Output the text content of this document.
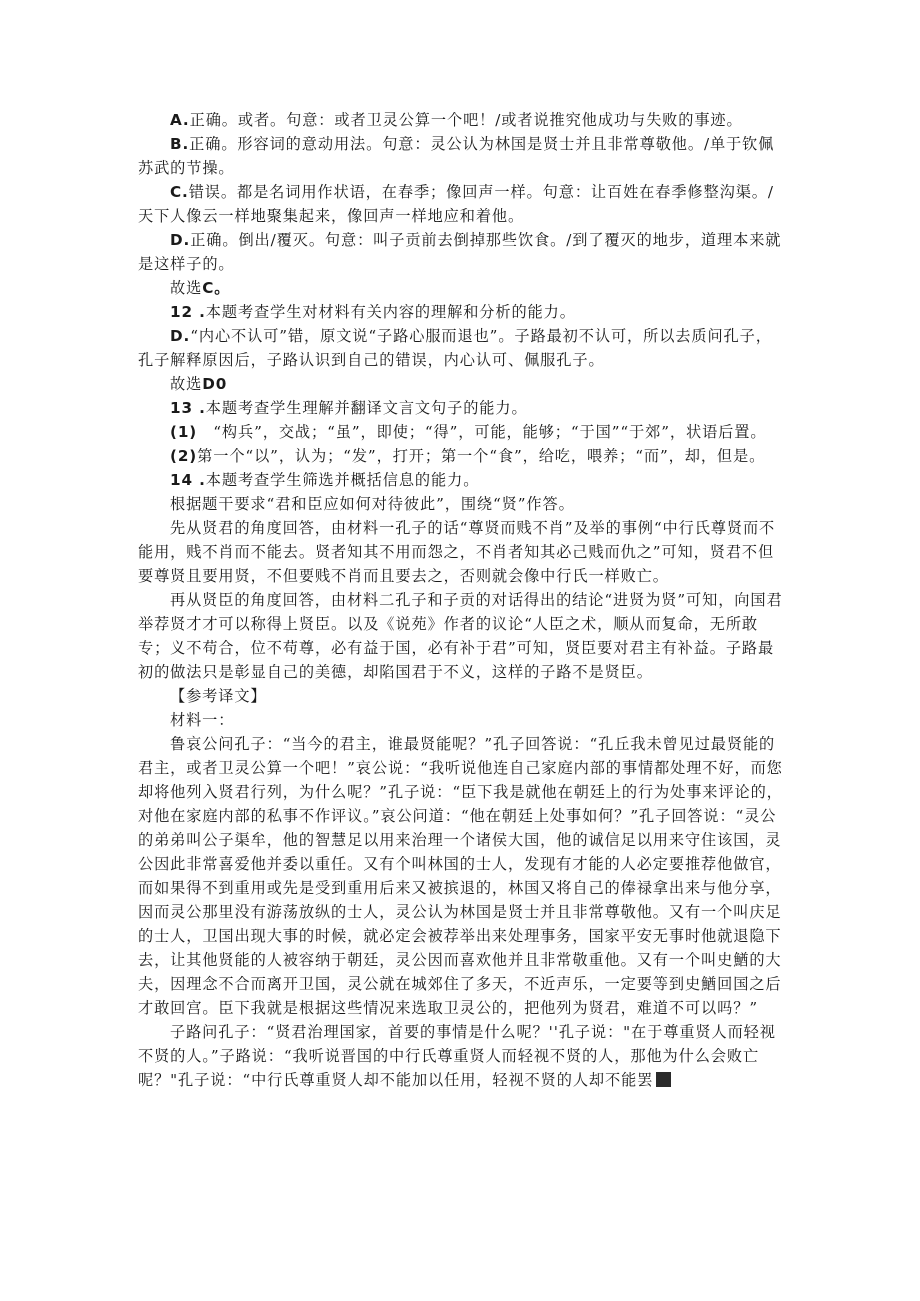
A.正确。或者。句意：或者卫灵公算一个吧！/或者说推究他成功与失败的事迹。

B.正确。形容词的意动用法。句意：灵公认为林国是贤士并且非常尊敬他。/单于钦佩苏武的节操。

C.错误。都是名词用作状语，在春季；像回声一样。句意：让百姓在春季修整沟渠。/天下人像云一样地聚集起来，像回声一样地应和着他。

D.正确。倒出/覆灭。句意：叫子贡前去倒掉那些饮食。/到了覆灭的地步，道理本来就是这样子的。

故选C。

12 .本题考查学生对材料有关内容的理解和分析的能力。

D.“内心不认可”错，原文说“子路心服而退也”。子路最初不认可，所以去质问孔子，孔子解释原因后，子路认识到自己的错误，内心认可、佩服孔子。

故选D0

13 .本题考查学生理解并翻译文言文句子的能力。

(1)　“构兵”，交战；“虽”，即使；“得”，可能，能够；“于国”“于郊”，状语后置。

(2)第一个“以”，认为；“发”，打开；第一个“食”，给吃，喂养；“而”，却，但是。

14 .本题考查学生筛选并概括信息的能力。

根据题干要求“君和臣应如何对待彼此”，围绕“贤”作答。

先从贤君的角度回答，由材料一孔子的话“尊贤而贱不肖”及举的事例“中行氏尊贤而不能用，贱不肖而不能去。贤者知其不用而怨之，不肖者知其必己贱而仇之”可知，贤君不但要尊贤且要用贤，不但要贱不肖而且要去之，否则就会像中行氏一样败亡。

再从贤臣的角度回答，由材料二孔子和子贡的对话得出的结论“进贤为贤”可知，向国君举荐贤才才可以称得上贤臣。以及《说苑》作者的议论“人臣之术，顺从而复命，无所敢专；义不苟合，位不苟尊，必有益于国，必有补于君”可知，贤臣要对君主有补益。子路最初的做法只是彰显自己的美德，却陷国君于不义，这样的子路不是贤臣。

【参考译文】

材料一：

鲁哀公问孔子：“当今的君主，谁最贤能呢？”孔子回答说：“孔丘我未曾见过最贤能的君主，或者卫灵公算一个吧！”哀公说：“我听说他连自己家庭内部的事情都处理不好，而您却将他列入贤君行列，为什么呢？”孔子说：“臣下我是就他在朝廷上的行为处事来评论的，对他在家庭内部的私事不作评议。”哀公问道：“他在朝廷上处事如何？”孔子回答说：“灵公的弟弟叫公子渠牟，他的智慧足以用来治理一个诸侯大国，他的诚信足以用来守住该国，灵公因此非常喜爱他并委以重任。又有个叫林国的士人，发现有才能的人必定要推荐他做官，而如果得不到重用或先是受到重用后来又被摈退的，林国又将自己的俸禄拿出来与他分享，因而灵公那里没有游荡放纵的士人，灵公认为林国是贤士并且非常尊敬他。又有一个叫庆足的士人，卫国出现大事的时候，就必定会被荐举出来处理事务，国家平安无事时他就退隐下去，让其他贤能的人被容纳于朝廷，灵公因而喜欢他并且非常敬重他。又有一个叫史鰌的大夫，因理念不合而离开卫国，灵公就在城郊住了多天，不近声乐，一定要等到史鰌回国之后才敢回宫。臣下我就是根据这些情况来选取卫灵公的，把他列为贤君，难道不可以吗？”

子路问孔子：“贤君治理国家，首要的事情是什么呢？''孔子说："在于尊重贤人而轻视不贤的人。”子路说：“我听说晋国的中行氏尊重贤人而轻视不贤的人，那他为什么会败亡呢？"孔子说：“中行氏尊重贤人却不能加以任用，轻视不贤的人却不能罢
